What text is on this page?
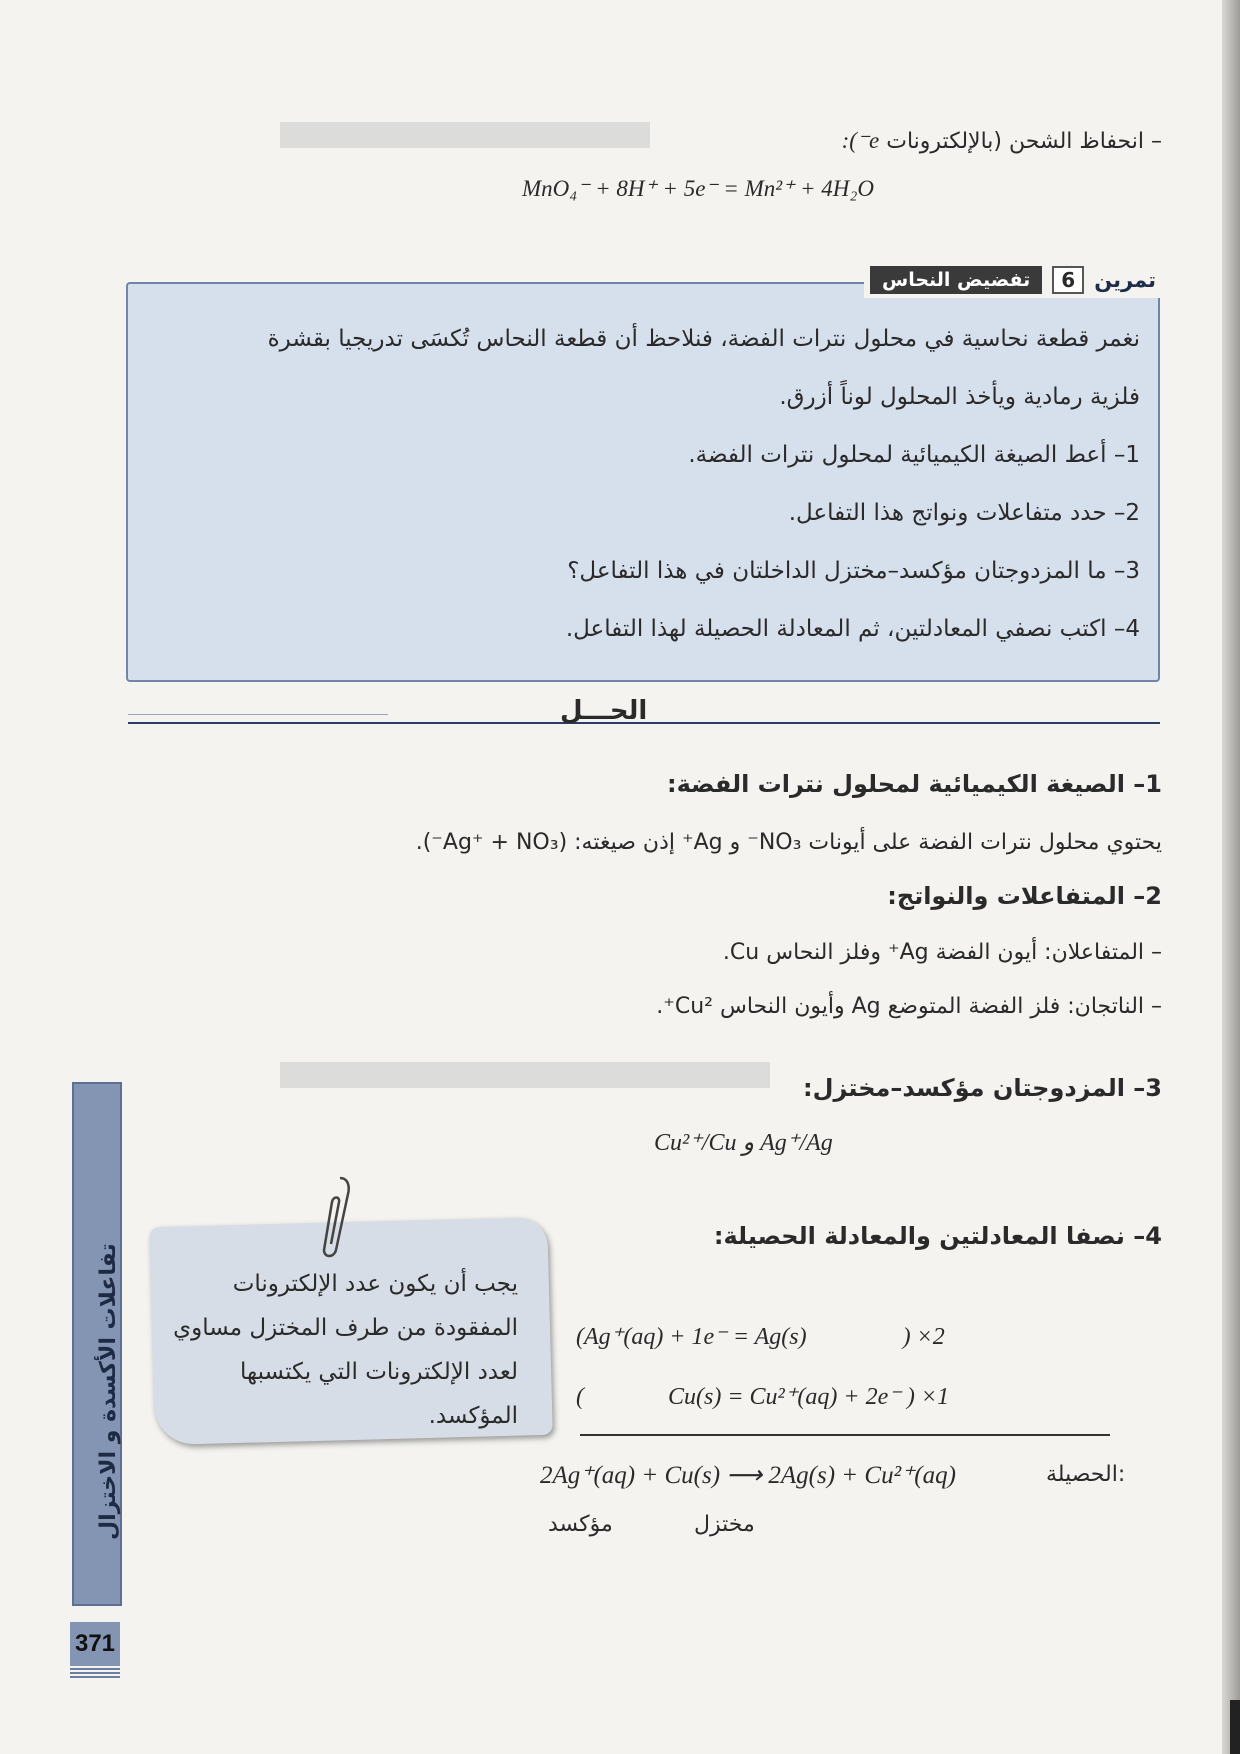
– انحفاظ الشحن (بالإلكترونات e⁻):
MnO₄⁻ + 8H⁺ + 5e⁻ = Mn²⁺ + 4H₂O
تمرين
6
تفضيض النحاس
نغمر قطعة نحاسية في محلول نترات الفضة، فنلاحظ أن قطعة النحاس تُكسَى تدريجيا بقشرة
فلزية رمادية ويأخذ المحلول لوناً أزرق.
1– أعط الصيغة الكيميائية لمحلول نترات الفضة.
2– حدد متفاعلات ونواتج هذا التفاعل.
3– ما المزدوجتان مؤكسد–مختزل الداخلتان في هذا التفاعل؟
4– اكتب نصفي المعادلتين، ثم المعادلة الحصيلة لهذا التفاعل.
الحـــل
1– الصيغة الكيميائية لمحلول نترات الفضة:
يحتوي محلول نترات الفضة على أيونات NO₃⁻ و Ag⁺ إذن صيغته: (Ag⁺ + NO₃⁻).
2– المتفاعلات والنواتج:
– المتفاعلان: أيون الفضة Ag⁺ وفلز النحاس Cu.
– الناتجان: فلز الفضة المتوضع Ag وأيون النحاس Cu²⁺.
3– المزدوجتان مؤكسد–مختزل:
Cu²⁺/Cu و Ag⁺/Ag
4– نصفا المعادلتين والمعادلة الحصيلة:
(Ag⁺(aq) + 1e⁻ = Ag(s)                ) ×2
(              Cu(s) = Cu²⁺(aq) + 2e⁻ ) ×1
الحصيلة:
2Ag⁺(aq) + Cu(s) ⟶ 2Ag(s) + Cu²⁺(aq)
مختزل
مؤكسد
يجب أن يكون عدد الإلكترونات المفقودة من طرف المختزل مساوي لعدد الإلكترونات التي يكتسبها المؤكسد.
تفاعلات الأكسدة و الاختزال
371
